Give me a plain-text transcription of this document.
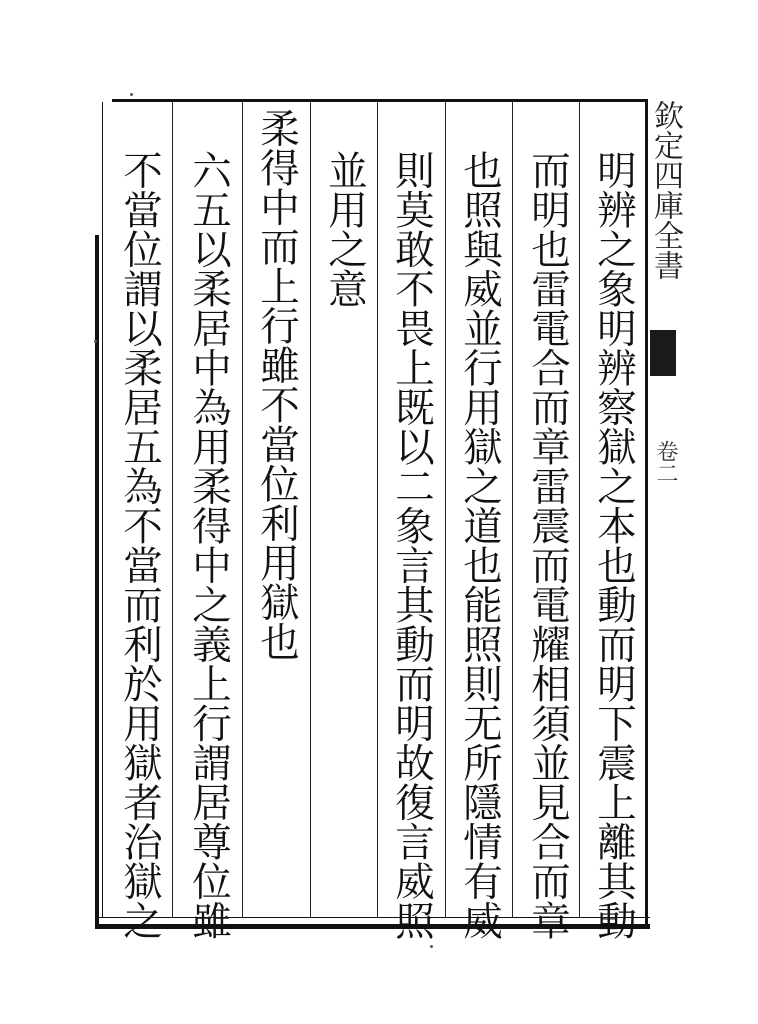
欽定四庫全書
卷二
明辨之象明辨察獄之本也動而明下震上離其動
而明也雷電合而章雷震而電耀相須並見合而章
也照與威並行用獄之道也能照則无所隱情有威
則莫敢不畏上既以二象言其動而明故復言威照
並用之意
柔得中而上行雖不當位利用獄也
六五以柔居中為用柔得中之義上行謂居尊位雖
不當位謂以柔居五為不當而利於用獄者治獄之
